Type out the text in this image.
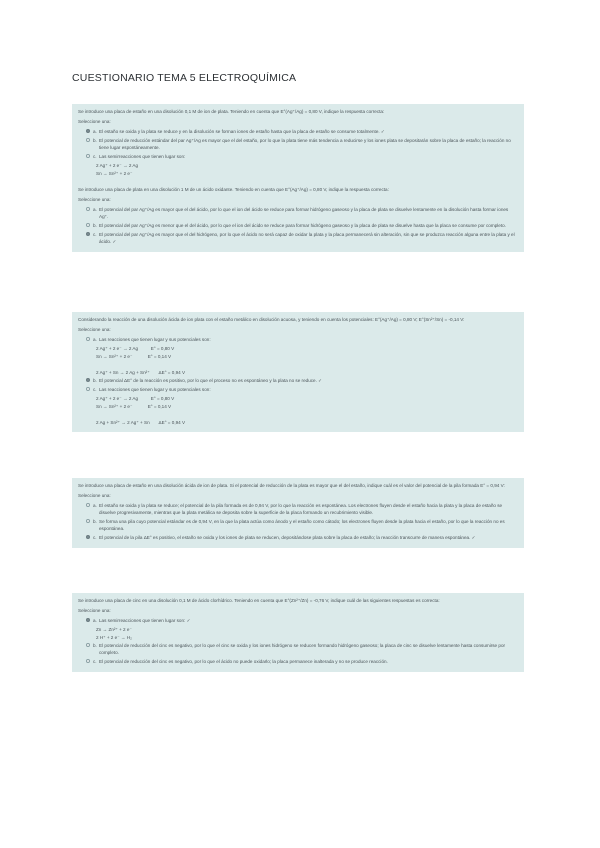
CUESTIONARIO TEMA 5 ELECTROQUÍMICA
Se introduce una placa de estaño en una disolución 0,1 M de ion de plata. Teniendo en cuenta que E°(Ag⁺/Ag) = 0,80 V, indique la respuesta correcta:
Seleccione una:
a. El estaño se oxida y la plata se reduce y en la disolución se forman iones de estaño hasta que la placa de estaño se consume totalmente. ✓
b. El potencial de reducción estándar del par Ag⁺/Ag es mayor que el del estaño, por lo que la plata tiene más tendencia a reducirse y los iones plata se depositarán sobre la placa de estaño; la reacción no tiene lugar espontáneamente.
c. Las semirreacciones que tienen lugar son:
2 Ag⁺ + 2 e⁻ → 2 Ag
Sn → Sn²⁺ + 2 e⁻
Se introduce una placa de plata en una disolución 1 M de un ácido oxidante. Teniendo en cuenta que E°(Ag⁺/Ag) = 0,80 V, indique la respuesta correcta:
Seleccione una:
a. El potencial del par Ag⁺/Ag es mayor que el del ácido, por lo que el ion del ácido se reduce para formar hidrógeno gaseoso y la placa de plata se disuelve lentamente en la disolución hasta formar iones Ag⁺.
b. El potencial del par Ag⁺/Ag es menor que el del ácido, por lo que el ion del ácido se reduce para formar hidrógeno gaseoso y la placa de plata se disuelve hasta que la placa se consume por completo.
c. El potencial del par Ag⁺/Ag es mayor que el del hidrógeno, por lo que el ácido no será capaz de oxidar la plata y la placa permanecerá sin alteración, sin que se produzca reacción alguna entre la plata y el ácido. ✓
Considerando la reacción de una disolución ácida de ion plata con el estaño metálico en disolución acuosa, y teniendo en cuenta los potenciales: E°(Ag⁺/Ag) = 0,80 V; E°(Sn²⁺/Sn) = -0,14 V:
Seleccione una:
a. Las reacciones que tienen lugar y sus potenciales son:
2 Ag⁺ + 2 e⁻ → 2 Ag          E° = 0,80 V
Sn → Sn²⁺ + 2 e⁻            E° = 0,14 V

2 Ag⁺ + Sn → 2 Ag + Sn²⁺       ΔE° = 0,94 V
b. El potencial ΔE° de la reacción es positivo, por lo que el proceso no es espontáneo y la plata no se reduce. ✓
c. Las reacciones que tienen lugar y sus potenciales son:
2 Ag⁺ + 2 e⁻ → 2 Ag          E° = 0,80 V
Sn → Sn²⁺ + 2 e⁻            E° = 0,14 V

2 Ag + Sn²⁺ → 2 Ag⁺ + Sn       ΔE° = 0,94 V
Se introduce una placa de estaño en una disolución ácida de ion de plata. Si el potencial de reducción de la plata es mayor que el del estaño, indique cuál es el valor del potencial de la pila formada E° = 0,94 V:
Seleccione una:
a. El estaño se oxida y la plata se reduce; el potencial de la pila formada es de 0,94 V, por lo que la reacción es espontánea. Los electrones fluyen desde el estaño hacia la plata y la placa de estaño se disuelve progresivamente, mientras que la plata metálica se deposita sobre la superficie de la placa formando un recubrimiento visible.
b. Se forma una pila cuyo potencial estándar es de 0,94 V, en la que la plata actúa como ánodo y el estaño como cátodo; los electrones fluyen desde la plata hacia el estaño, por lo que la reacción no es espontánea.
c. El potencial de la pila ΔE° es positivo, el estaño se oxida y los iones de plata se reducen, depositándose plata sobre la placa de estaño; la reacción transcurre de manera espontánea. ✓
Se introduce una placa de cinc en una disolución 0,1 M de ácido clorhídrico. Teniendo en cuenta que E°(Zn²⁺/Zn) = -0,76 V, indique cuál de las siguientes respuestas es correcta:
Seleccione una:
a. Las semirreacciones que tienen lugar son: ✓
Zn → Zn²⁺ + 2 e⁻
2 H⁺ + 2 e⁻ → H₂
b. El potencial de reducción del cinc es negativo, por lo que el cinc se oxida y los iones hidrógeno se reducen formando hidrógeno gaseoso; la placa de cinc se disuelve lentamente hasta consumirse por completo.
c. El potencial de reducción del cinc es negativo, por lo que el ácido no puede oxidarlo; la placa permanece inalterada y no se produce reacción.
